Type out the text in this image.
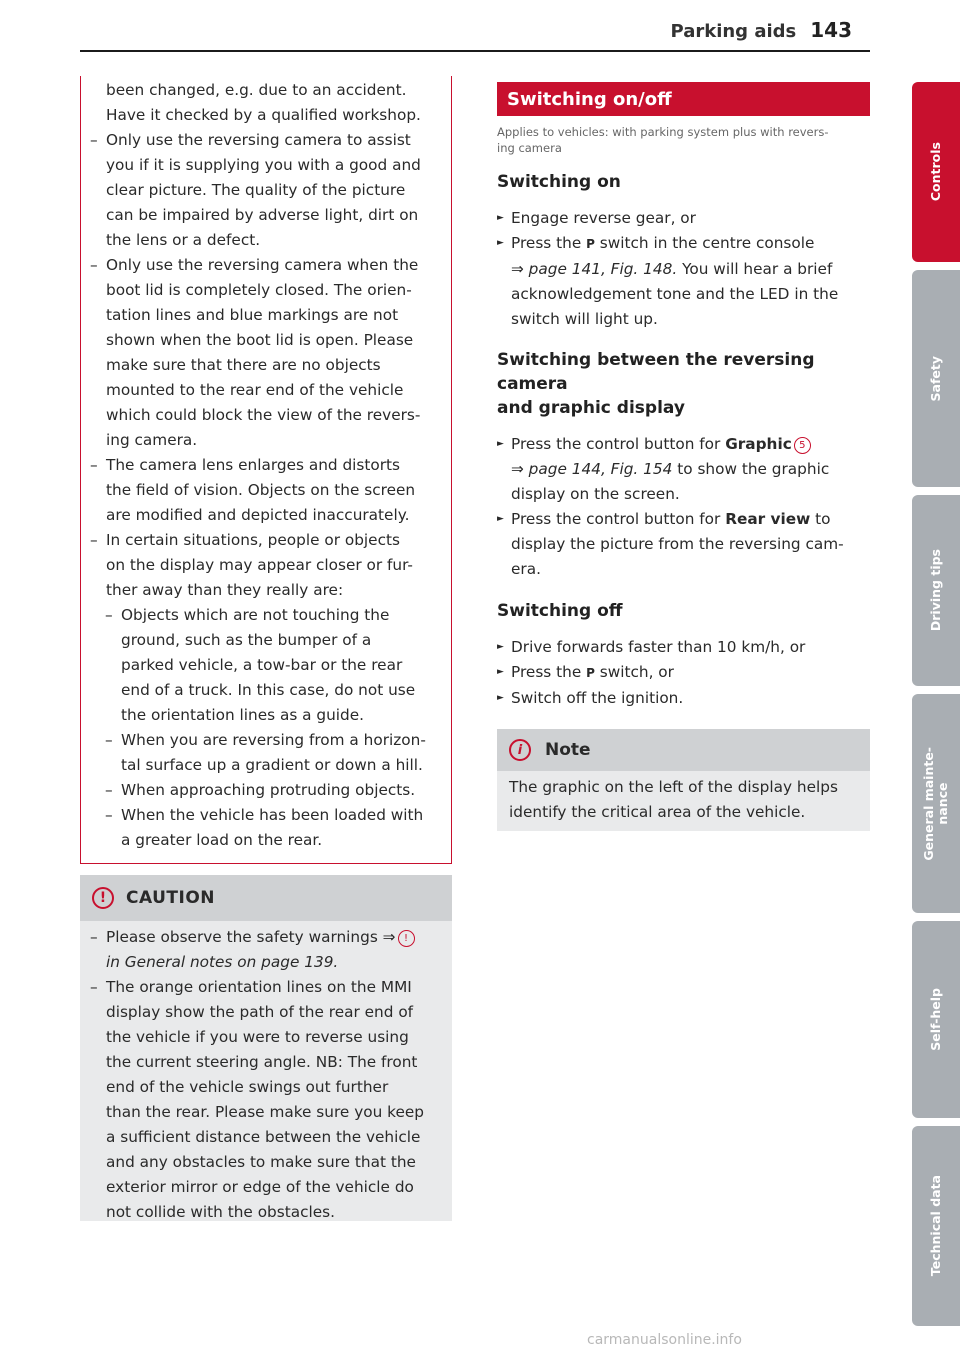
Parking aids 143

been changed, e.g. due to an accident.
Have it checked by a qualified workshop.

– Only use the reversing camera to assist
you if it is supplying you with a good and
clear picture. The quality of the picture
can be impaired by adverse light, dirt on
the lens or a defect.

– Only use the reversing camera when the
boot lid is completely closed. The orien-
tation lines and blue markings are not
shown when the boot lid is open. Please
make sure that there are no objects
mounted to the rear end of the vehicle
which could block the view of the revers-
ing camera.

– The camera lens enlarges and distorts
the field of vision. Objects on the screen
are modified and depicted inaccurately.

– In certain situations, people or objects
on the display may appear closer or fur-
ther away than they really are:

– Objects which are not touching the
ground, such as the bumper of a
parked vehicle, a tow-bar or the rear
end of a truck. In this case, do not use
the orientation lines as a guide.

– When you are reversing from a horizon-
tal surface up a gradient or down a hill.

– When approaching protruding objects.

– When the vehicle has been loaded with
a greater load on the rear.

!	CAUTION

– Please observe the safety warnings ⇒ !
in General notes on page 139.

– The orange orientation lines on the MMI
display show the path of the rear end of
the vehicle if you were to reverse using
the current steering angle. NB: The front
end of the vehicle swings out further
than the rear. Please make sure you keep
a sufficient distance between the vehicle
and any obstacles to make sure that the
exterior mirror or edge of the vehicle do
not collide with the obstacles.

Switching on/off

Applies to vehicles: with parking system plus with revers-
ing camera

Switching on

► Engage reverse gear, or

► Press the P switch in the centre console

⇒ page 141, Fig. 148. You will hear a brief
acknowledgement tone and the LED in the
switch will light up.

Switching between the reversing camera
and graphic display

► Press the control button for Graphic 5

⇒ page 144, Fig. 154 to show the graphic
display on the screen.

► Press the control button for Rear view to

display the picture from the reversing cam-
era.

Switching off

► Drive forwards faster than 10 km/h, or

► Press the P switch, or

► Switch off the ignition.

i	Note

The graphic on the left of the display helps
identify the critical area of the vehicle.

Controls
Safety
Driving tips
General mainte-
nance
Self-help
Technical data
carmanualsonline.info
